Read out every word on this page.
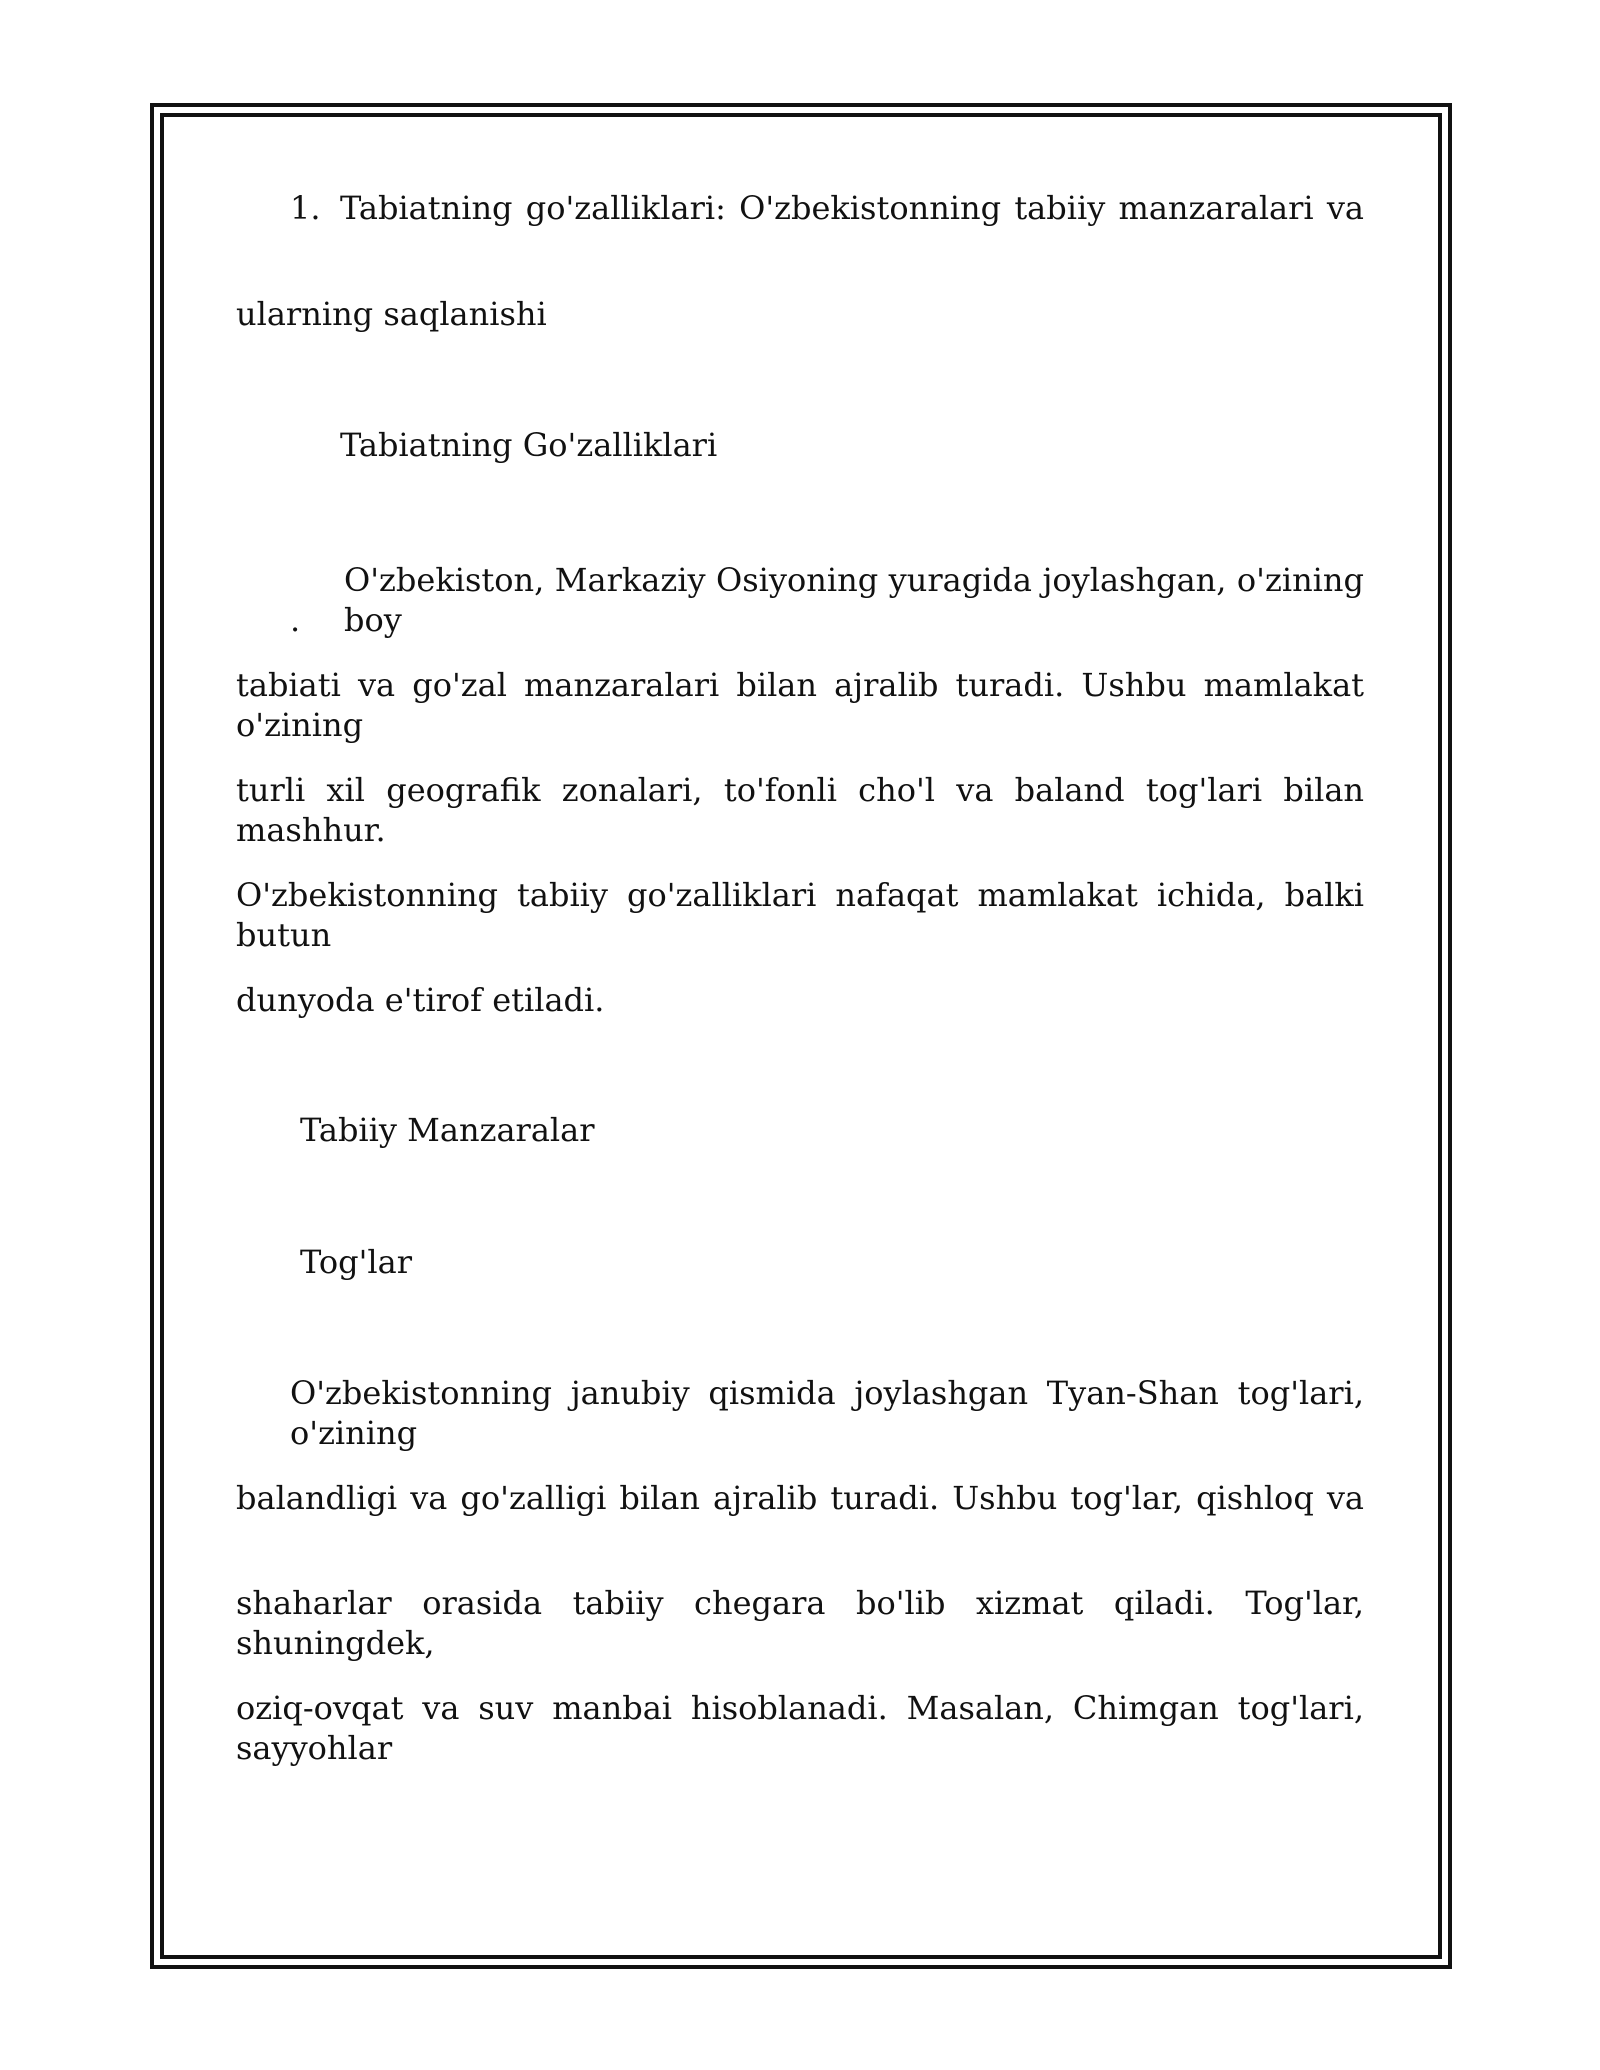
1. Tabiatning go'zalliklari: O'zbekistonning tabiiy manzaralari va
ularning saqlanishi
Tabiatning Go'zalliklari
.O'zbekiston, Markaziy Osiyoning yuragida joylashgan, o'zining boy
tabiati va go'zal manzaralari bilan ajralib turadi. Ushbu mamlakat o'zining
turli xil geografik zonalari, to'fonli cho'l va baland tog'lari bilan mashhur.
O'zbekistonning tabiiy go'zalliklari nafaqat mamlakat ichida, balki butun
dunyoda e'tirof etiladi.
Tabiiy Manzaralar
Tog'lar
O'zbekistonning janubiy qismida joylashgan Tyan-Shan tog'lari, o'zining
balandligi va go'zalligi bilan ajralib turadi. Ushbu tog'lar, qishloq va
shaharlar orasida tabiiy chegara bo'lib xizmat qiladi. Tog'lar, shuningdek,
oziq-ovqat va suv manbai hisoblanadi. Masalan, Chimgan tog'lari, sayyohlar
